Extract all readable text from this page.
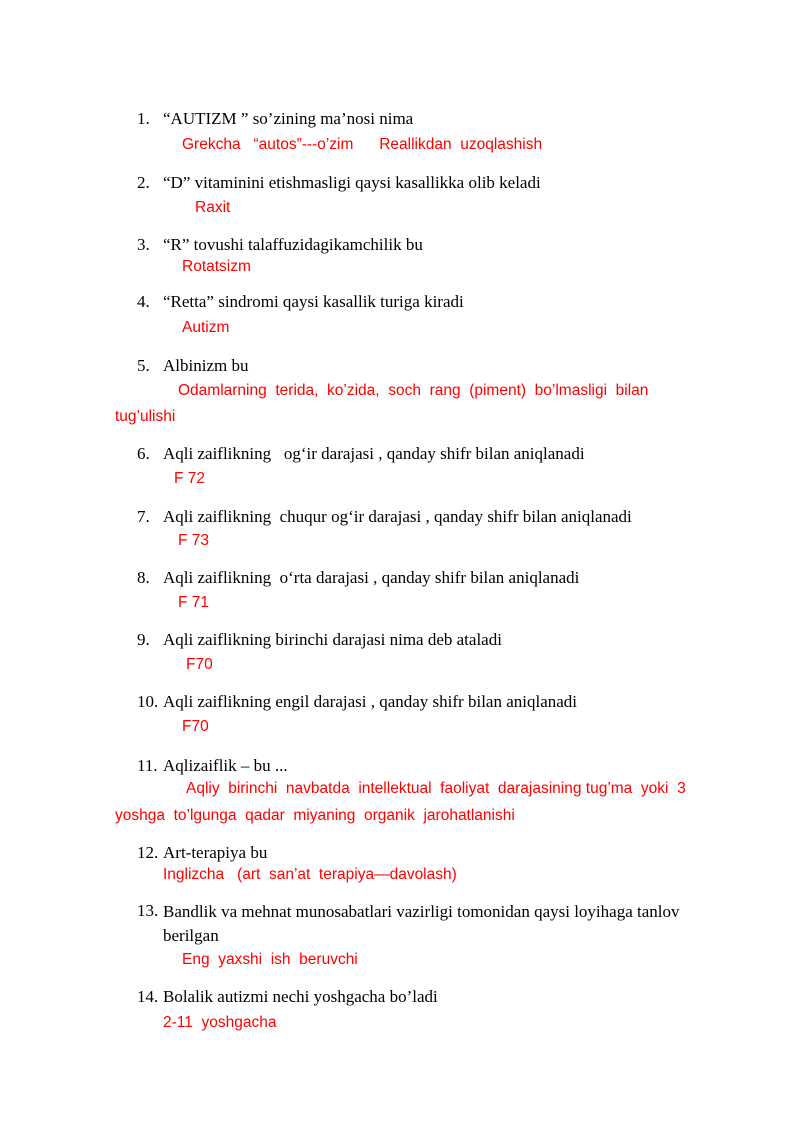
1. “AUTIZM ” so’zining ma’nosi nima
Grekcha   “autos”---o’zim      Reallikdan  uzoqlashish
2. “D” vitaminini etishmasligi qaysi kasallikka olib keladi
Raxit
3. “R” tovushi talaffuzidagikamchilik bu
Rotatsizm
4. “Retta” sindromi qaysi kasallik turiga kiradi
Autizm
5. Albinizm bu
Odamlarning  terida,  ko’zida,  soch  rang  (piment)  bo’lmasligi  bilan
tug’ulishi
6. Aqli zaiflikning   og‘ir darajasi , qanday shifr bilan aniqlanadi
F 72
7. Aqli zaiflikning  chuqur og‘ir darajasi , qanday shifr bilan aniqlanadi
F 73
8. Aqli zaiflikning  o‘rta darajasi , qanday shifr bilan aniqlanadi
F 71
9. Aqli zaiflikning birinchi darajasi nima deb ataladi
F70
10. Aqli zaiflikning engil darajasi , qanday shifr bilan aniqlanadi
F70
11. Aqlizaiflik – bu ...
Aqliy  birinchi  navbatda  intellektual  faoliyat  darajasining tug’ma  yoki  3
yoshga  to’lgunga  qadar  miyaning  organik  jarohatlanishi
12. Art-terapiya bu
Inglizcha   (art  san’at  terapiya—davolash)
13. Bandlik va mehnat munosabatlari vazirligi tomonidan qaysi loyihaga tanlov berilgan
Eng  yaxshi  ish  beruvchi
14. Bolalik autizmi nechi yoshgacha bo’ladi
2-11  yoshgacha
